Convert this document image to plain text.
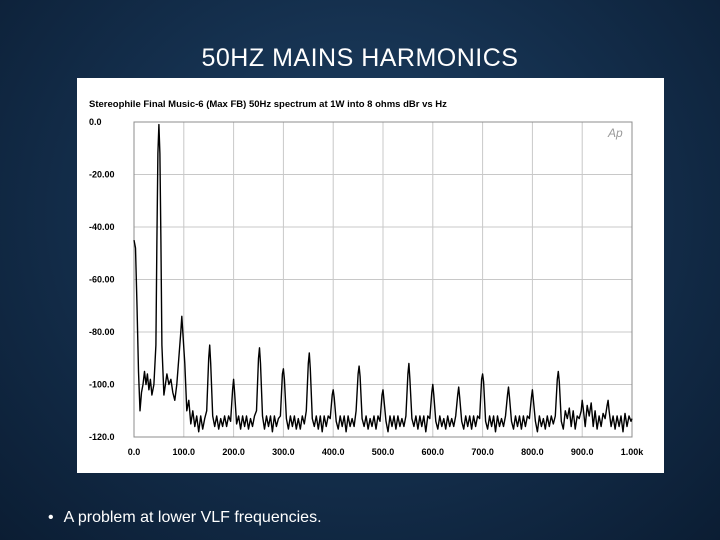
50HZ MAINS HARMONICS
Stereophile Final Music-6 (Max FB) 50Hz spectrum at 1W into 8 ohms dBr vs Hz
Ap
0.0
-20.00
-40.00
-60.00
-80.00
-100.0
-120.0
0.0	100.0	200.0	300.0	400.0	500.0	600.0	700.0	800.0	900.0	1.00k
• A problem at lower VLF frequencies.
